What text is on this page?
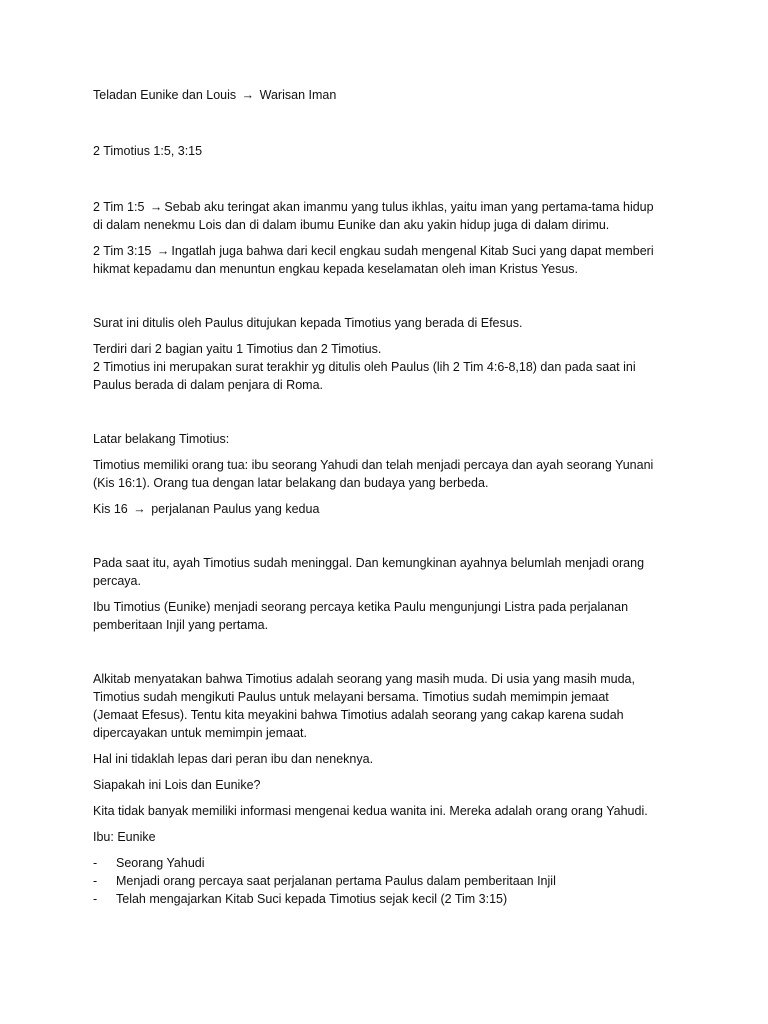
Teladan Eunike dan Louis → Warisan Iman

2 Timotius 1:5, 3:15

2 Tim 1:5 → Sebab aku teringat akan imanmu yang tulus ikhlas, yaitu iman yang pertama-tama hidup

di dalam nenekmu Lois dan di dalam ibumu Eunike dan aku yakin hidup juga di dalam dirimu.

2 Tim 3:15 → Ingatlah juga bahwa dari kecil engkau sudah mengenal Kitab Suci yang dapat memberi

hikmat kepadamu dan menuntun engkau kepada keselamatan oleh iman Kristus Yesus.

Surat ini ditulis oleh Paulus ditujukan kepada Timotius yang berada di Efesus.

Terdiri dari 2 bagian yaitu 1 Timotius dan 2 Timotius.

2 Timotius ini merupakan surat terakhir yg ditulis oleh Paulus (lih 2 Tim 4:6-8,18) dan pada saat ini

Paulus berada di dalam penjara di Roma.

Latar belakang Timotius:

Timotius memiliki orang tua: ibu seorang Yahudi dan telah menjadi percaya dan ayah seorang Yunani

(Kis 16:1). Orang tua dengan latar belakang dan budaya yang berbeda.

Kis 16 → perjalanan Paulus yang kedua

Pada saat itu, ayah Timotius sudah meninggal. Dan kemungkinan ayahnya belumlah menjadi orang

percaya.

Ibu Timotius (Eunike) menjadi seorang percaya ketika Paulu mengunjungi Listra pada perjalanan

pemberitaan Injil yang pertama.

Alkitab menyatakan bahwa Timotius adalah seorang yang masih muda. Di usia yang masih muda,

Timotius sudah mengikuti Paulus untuk melayani bersama. Timotius sudah memimpin jemaat

(Jemaat Efesus). Tentu kita meyakini bahwa Timotius adalah seorang yang cakap karena sudah

dipercayakan untuk memimpin jemaat.

Hal ini tidaklah lepas dari peran ibu dan neneknya.

Siapakah ini Lois dan Eunike?

Kita tidak banyak memiliki informasi mengenai kedua wanita ini. Mereka adalah orang orang Yahudi.

Ibu: Eunike

- Seorang Yahudi
- Menjadi orang percaya saat perjalanan pertama Paulus dalam pemberitaan Injil
- Telah mengajarkan Kitab Suci kepada Timotius sejak kecil (2 Tim 3:15)
